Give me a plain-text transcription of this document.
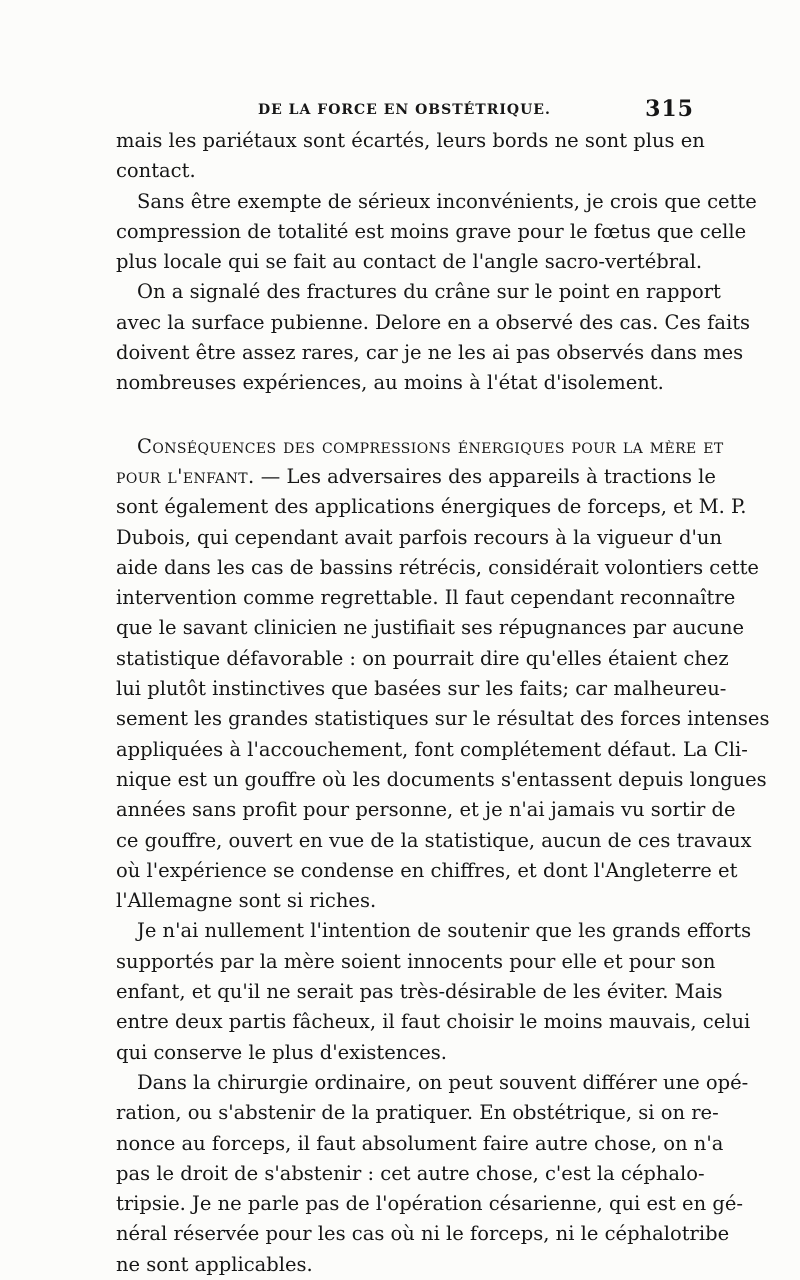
DE LA FORCE EN OBSTÉTRIQUE.	315

mais les pariétaux sont écartés, leurs bords ne sont plus en
contact.

Sans être exempte de sérieux inconvénients, je crois que cette
compression de totalité est moins grave pour le fœtus que celle
plus locale qui se fait au contact de l'angle sacro-vertébral.

On a signalé des fractures du crâne sur le point en rapport
avec la surface pubienne. Delore en a observé des cas. Ces faits
doivent être assez rares, car je ne les ai pas observés dans mes
nombreuses expériences, au moins à l'état d'isolement.

Conséquences des compressions énergiques pour la mère et
pour l'enfant. — Les adversaires des appareils à tractions le
sont également des applications énergiques de forceps, et M. P.
Dubois, qui cependant avait parfois recours à la vigueur d'un
aide dans les cas de bassins rétrécis, considérait volontiers cette
intervention comme regrettable. Il faut cependant reconnaître
que le savant clinicien ne justifiait ses répugnances par aucune
statistique défavorable : on pourrait dire qu'elles étaient chez
lui plutôt instinctives que basées sur les faits; car malheureu-
sement les grandes statistiques sur le résultat des forces intenses
appliquées à l'accouchement, font complétement défaut. La Cli-
nique est un gouffre où les documents s'entassent depuis longues
années sans profit pour personne, et je n'ai jamais vu sortir de
ce gouffre, ouvert en vue de la statistique, aucun de ces travaux
où l'expérience se condense en chiffres, et dont l'Angleterre et
l'Allemagne sont si riches.

Je n'ai nullement l'intention de soutenir que les grands efforts
supportés par la mère soient innocents pour elle et pour son
enfant, et qu'il ne serait pas très-désirable de les éviter. Mais
entre deux partis fâcheux, il faut choisir le moins mauvais, celui
qui conserve le plus d'existences.

Dans la chirurgie ordinaire, on peut souvent différer une opé-
ration, ou s'abstenir de la pratiquer. En obstétrique, si on re-
nonce au forceps, il faut absolument faire autre chose, on n'a
pas le droit de s'abstenir : cet autre chose, c'est la céphalo-
tripsie. Je ne parle pas de l'opération césarienne, qui est en gé-
néral réservée pour les cas où ni le forceps, ni le céphalotribe
ne sont applicables.
